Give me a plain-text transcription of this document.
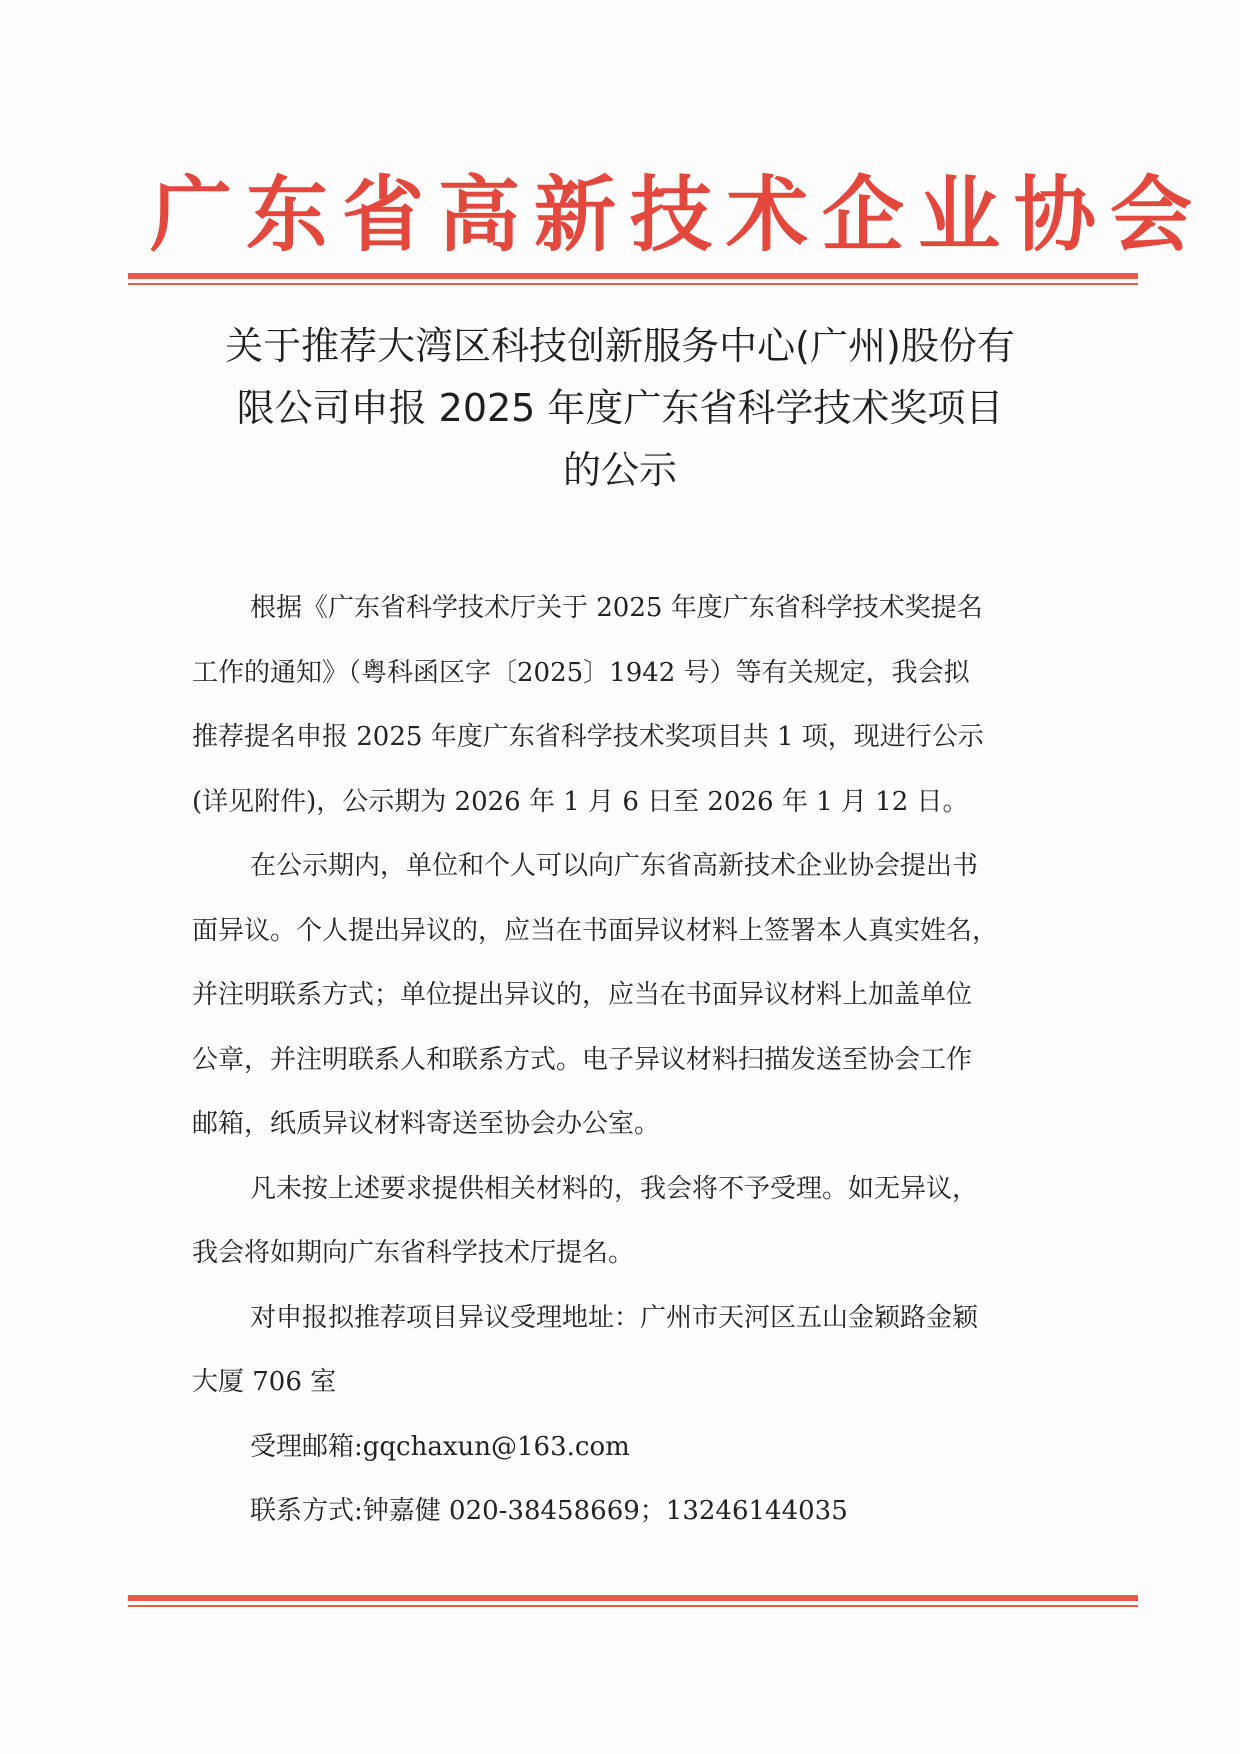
广东省高新技术企业协会
关于推荐大湾区科技创新服务中心(广州)股份有
限公司申报 2025 年度广东省科学技术奖项目
的公示
根据《广东省科学技术厅关于 2025 年度广东省科学技术奖提名
工作的通知》（粤科函区字〔2025〕1942 号）等有关规定，我会拟
推荐提名申报 2025 年度广东省科学技术奖项目共 1 项，现进行公示
(详见附件)，公示期为 2026 年 1 月 6 日至 2026 年 1 月 12 日。
在公示期内，单位和个人可以向广东省高新技术企业协会提出书
面异议。个人提出异议的，应当在书面异议材料上签署本人真实姓名，
并注明联系方式；单位提出异议的，应当在书面异议材料上加盖单位
公章，并注明联系人和联系方式。电子异议材料扫描发送至协会工作
邮箱，纸质异议材料寄送至协会办公室。
凡未按上述要求提供相关材料的，我会将不予受理。如无异议，
我会将如期向广东省科学技术厅提名。
对申报拟推荐项目异议受理地址：广州市天河区五山金颖路金颖
大厦 706 室
受理邮箱:gqchaxun@163.com
联系方式:钟嘉健 020-38458669；13246144035
